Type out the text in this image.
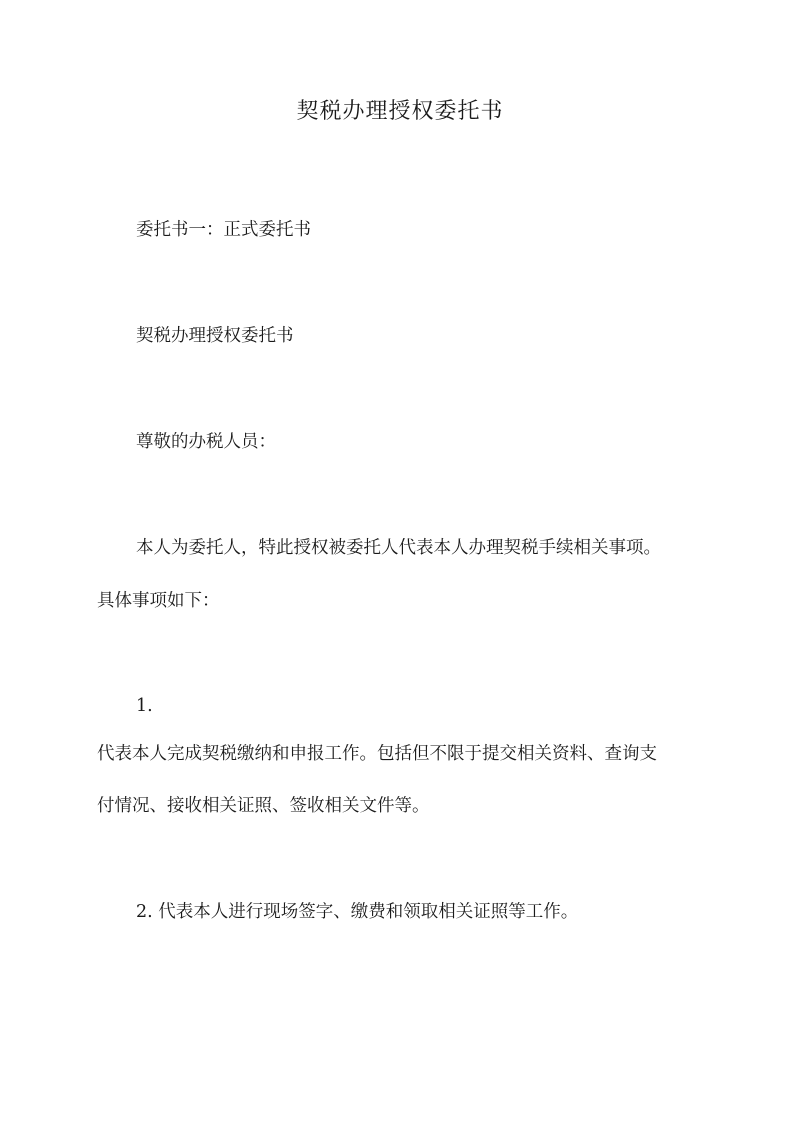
契税办理授权委托书
委托书一：正式委托书
契税办理授权委托书
尊敬的办税人员：
本人为委托人，特此授权被委托人代表本人办理契税手续相关事项。
具体事项如下：
1.
代表本人完成契税缴纳和申报工作。包括但不限于提交相关资料、查询支
付情况、接收相关证照、签收相关文件等。
2. 代表本人进行现场签字、缴费和领取相关证照等工作。
